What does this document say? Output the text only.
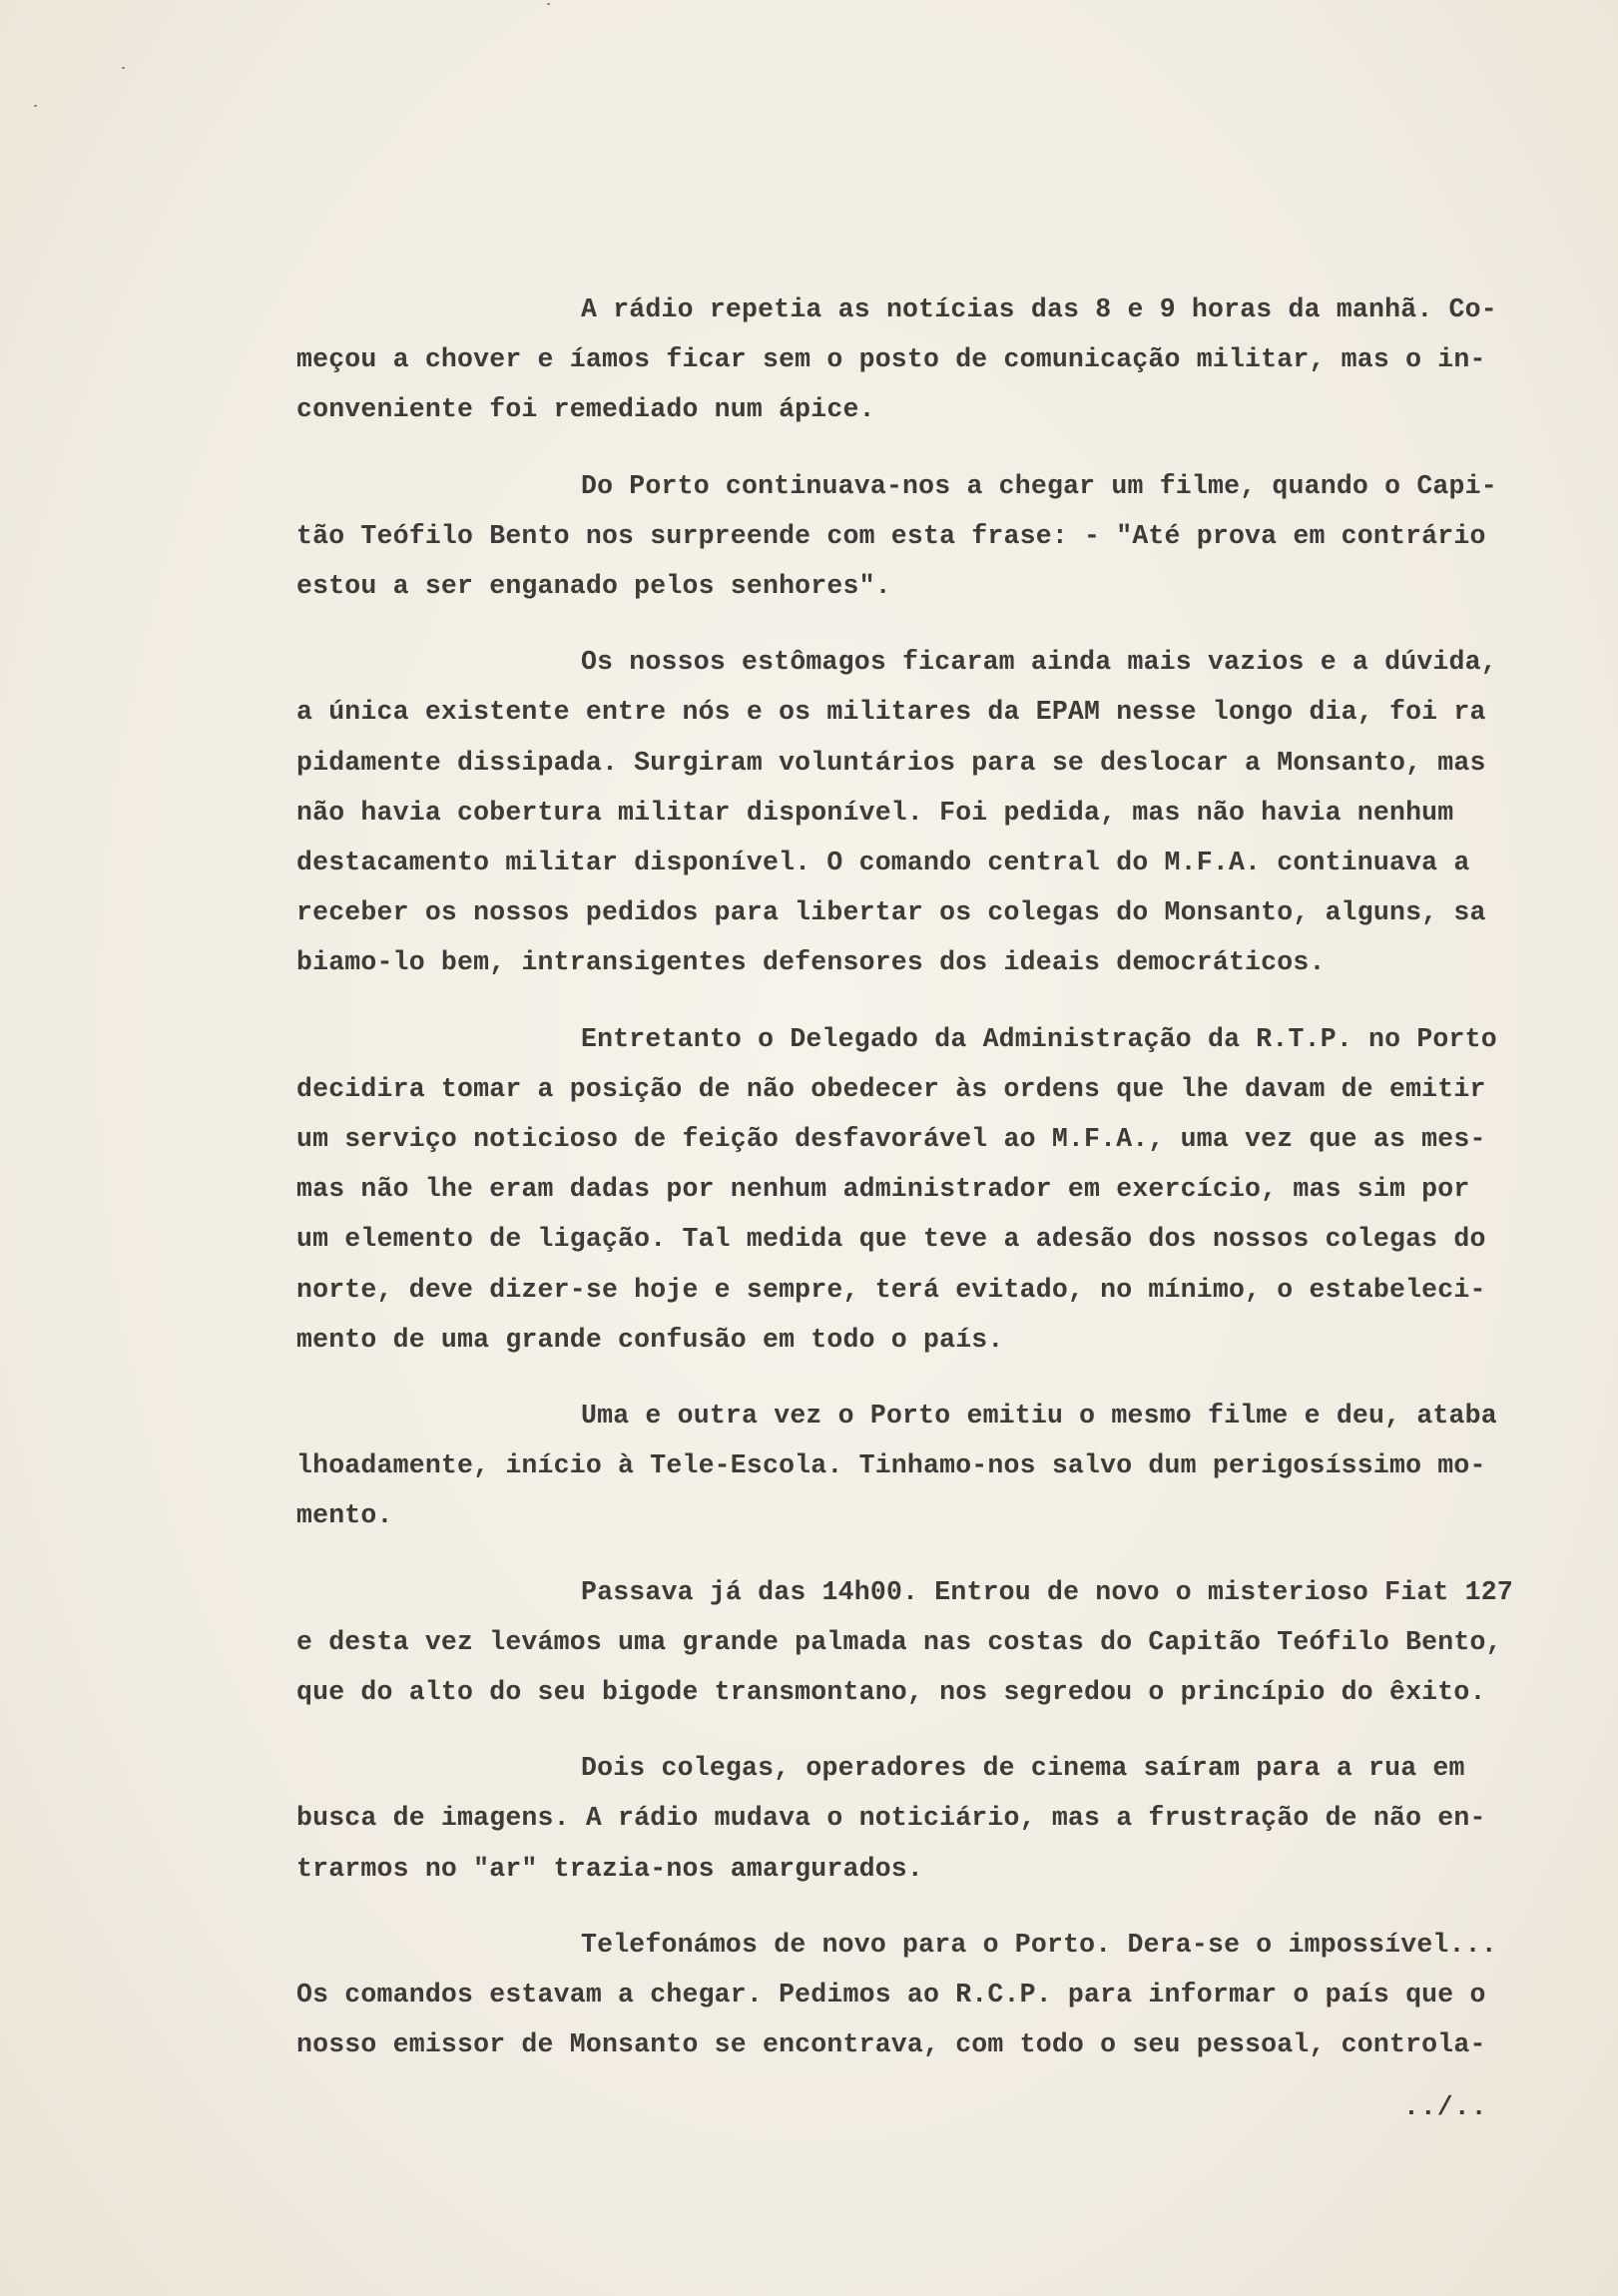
A rádio repetia as notícias das 8 e 9 horas da manhã. Co-
meçou a chover e íamos ficar sem o posto de comunicação militar, mas o in-
conveniente foi remediado num ápice.

Do Porto continuava-nos a chegar um filme, quando o Capi-
tão Teófilo Bento nos surpreende com esta frase: - "Até prova em contrário
estou a ser enganado pelos senhores".

Os nossos estômagos ficaram ainda mais vazios e a dúvida,
a única existente entre nós e os militares da EPAM nesse longo dia, foi ra
pidamente dissipada. Surgiram voluntários para se deslocar a Monsanto, mas
não havia cobertura militar disponível. Foi pedida, mas não havia nenhum
destacamento militar disponível. O comando central do M.F.A. continuava a
receber os nossos pedidos para libertar os colegas do Monsanto, alguns, sa
biamo-lo bem, intransigentes defensores dos ideais democráticos.

Entretanto o Delegado da Administração da R.T.P. no Porto
decidira tomar a posição de não obedecer às ordens que lhe davam de emitir
um serviço noticioso de feição desfavorável ao M.F.A., uma vez que as mes-
mas não lhe eram dadas por nenhum administrador em exercício, mas sim por
um elemento de ligação. Tal medida que teve a adesão dos nossos colegas do
norte, deve dizer-se hoje e sempre, terá evitado, no mínimo, o estabeleci-
mento de uma grande confusão em todo o país.

Uma e outra vez o Porto emitiu o mesmo filme e deu, ataba
lhoadamente, início à Tele-Escola. Tinhamo-nos salvo dum perigosíssimo mo-
mento.

Passava já das 14h00. Entrou de novo o misterioso Fiat 127
e desta vez levámos uma grande palmada nas costas do Capitão Teófilo Bento,
que do alto do seu bigode transmontano, nos segredou o princípio do êxito.

Dois colegas, operadores de cinema saíram para a rua em
busca de imagens. A rádio mudava o noticiário, mas a frustração de não en-
trarmos no "ar" trazia-nos amargurados.

Telefonámos de novo para o Porto. Dera-se o impossível...
Os comandos estavam a chegar. Pedimos ao R.C.P. para informar o país que o
nosso emissor de Monsanto se encontrava, com todo o seu pessoal, controla-

../..
